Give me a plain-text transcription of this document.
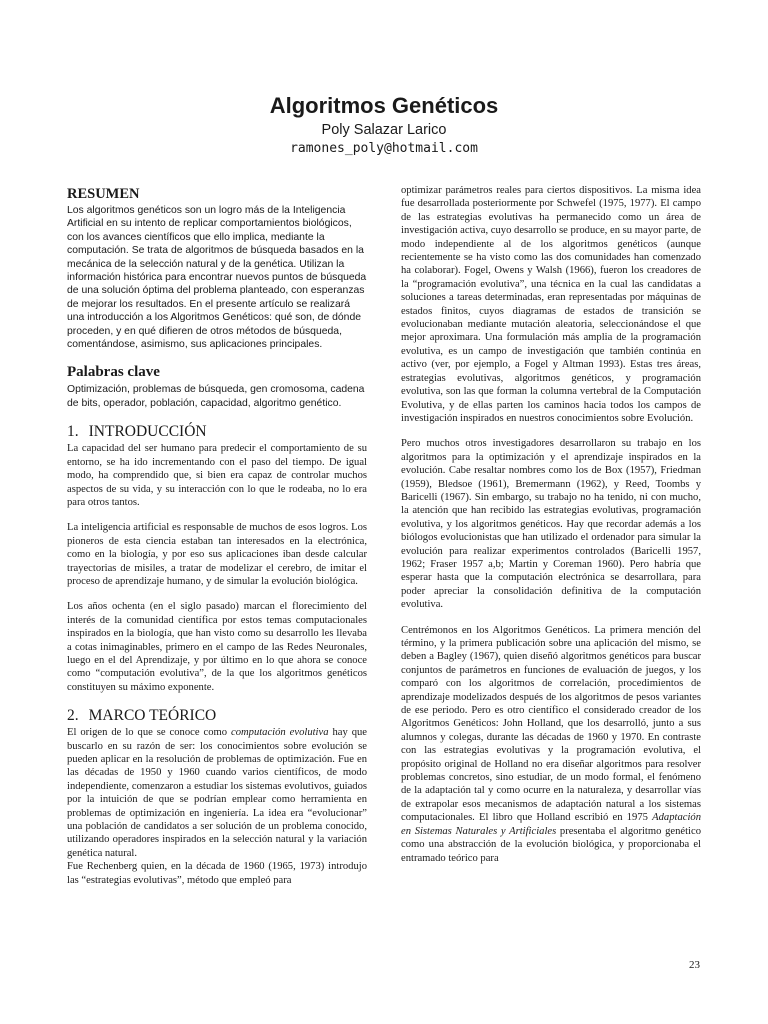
Algoritmos Genéticos
Poly Salazar Larico
ramones_poly@hotmail.com
RESUMEN

Los algoritmos genéticos son un logro más de la Inteligencia Artificial en su intento de replicar comportamientos biológicos, con los avances científicos que ello implica, mediante la computación. Se trata de algoritmos de búsqueda basados en la mecánica de la selección natural y de la genética. Utilizan la información histórica para encontrar nuevos puntos de búsqueda de una solución óptima del problema planteado, con esperanzas de mejorar los resultados. En el presente artículo se realizará una introducción a los Algoritmos Genéticos: qué son, de dónde proceden, y en qué difieren de otros métodos de búsqueda, comentándose, asimismo, sus aplicaciones principales.

Palabras clave

Optimización, problemas de búsqueda, gen cromosoma, cadena de bits, operador, población, capacidad, algoritmo genético.

1. INTRODUCCIÓN

La capacidad del ser humano para predecir el comportamiento de su entorno, se ha ido incrementando con el paso del tiempo. De igual modo, ha comprendido que, si bien era capaz de controlar muchos aspectos de su vida, y su interacción con lo que le rodeaba, no lo era para otros tantos.

La inteligencia artificial es responsable de muchos de esos logros. Los pioneros de esta ciencia estaban tan interesados en la electrónica, como en la biología, y por eso sus aplicaciones iban desde calcular trayectorias de misiles, a tratar de modelizar el cerebro, de imitar el proceso de aprendizaje humano, y de simular la evolución biológica.

Los años ochenta (en el siglo pasado) marcan el florecimiento del interés de la comunidad científica por estos temas computacionales inspirados en la biología, que han visto como su desarrollo les llevaba a cotas inimaginables, primero en el campo de las Redes Neuronales, luego en el del Aprendizaje, y por último en lo que ahora se conoce como “computación evolutiva”, de la que los algoritmos genéticos constituyen su máximo exponente.

2. MARCO TEÓRICO

El origen de lo que se conoce como computación evolutiva hay que buscarlo en su razón de ser: los conocimientos sobre evolución se pueden aplicar en la resolución de problemas de optimización. Fue en las décadas de 1950 y 1960 cuando varios científicos, de modo independiente, comenzaron a estudiar los sistemas evolutivos, guiados por la intuición de que se podrían emplear como herramienta en problemas de optimización en ingeniería. La idea era “evolucionar” una población de candidatos a ser solución de un problema conocido, utilizando operadores inspirados en la selección natural y la variación genética natural.

Fue Rechenberg quien, en la década de 1960 (1965, 1973) introdujo las “estrategias evolutivas”, método que empleó para

optimizar parámetros reales para ciertos dispositivos. La misma idea fue desarrollada posteriormente por Schwefel (1975, 1977). El campo de las estrategias evolutivas ha permanecido como un área de investigación activa, cuyo desarrollo se produce, en su mayor parte, de modo independiente al de los algoritmos genéticos (aunque recientemente se ha visto como las dos comunidades han comenzado ha colaborar). Fogel, Owens y Walsh (1966), fueron los creadores de la “programación evolutiva”, una técnica en la cual las candidatas a soluciones a tareas determinadas, eran representadas por máquinas de estados finitos, cuyos diagramas de estados de transición se evolucionaban mediante mutación aleatoria, seleccionándose el que mejor aproximara. Una formulación más amplia de la programación evolutiva, es un campo de investigación que también continúa en activo (ver, por ejemplo, a Fogel y Altman 1993). Estas tres áreas, estrategias evolutivas, algoritmos genéticos, y programación evolutiva, son las que forman la columna vertebral de la Computación Evolutiva, y de ellas parten los caminos hacia todos los campos de investigación inspirados en nuestros conocimientos sobre Evolución.

Pero muchos otros investigadores desarrollaron su trabajo en los algoritmos para la optimización y el aprendizaje inspirados en la evolución. Cabe resaltar nombres como los de Box (1957), Friedman (1959), Bledsoe (1961), Bremermann (1962), y Reed, Toombs y Baricelli (1967). Sin embargo, su trabajo no ha tenido, ni con mucho, la atención que han recibido las estrategias evolutivas, programación evolutiva, y los algoritmos genéticos. Hay que recordar además a los biólogos evolucionistas que han utilizado el ordenador para simular la evolución para realizar experimentos controlados (Baricelli 1957, 1962; Fraser 1957 a,b; Martin y Coreman 1960). Pero habría que esperar hasta que la computación electrónica se desarrollara, para poder apreciar la consolidación definitiva de la computación evolutiva.

Centrémonos en los Algoritmos Genéticos. La primera mención del término, y la primera publicación sobre una aplicación del mismo, se deben a Bagley (1967), quien diseñó algoritmos genéticos para buscar conjuntos de parámetros en funciones de evaluación de juegos, y los comparó con los algoritmos de correlación, procedimientos de aprendizaje modelizados después de los algoritmos de pesos variantes de ese periodo. Pero es otro científico el considerado creador de los Algoritmos Genéticos: John Holland, que los desarrolló, junto a sus alumnos y colegas, durante las décadas de 1960 y 1970. En contraste con las estrategias evolutivas y la programación evolutiva, el propósito original de Holland no era diseñar algoritmos para resolver problemas concretos, sino estudiar, de un modo formal, el fenómeno de la adaptación tal y como ocurre en la naturaleza, y desarrollar vías de extrapolar esos mecanismos de adaptación natural a los sistemas computacionales. El libro que Holland escribió en 1975 Adaptación en Sistemas Naturales y Artificiales presentaba el algoritmo genético como una abstracción de la evolución biológica, y proporcionaba el entramado teórico para

23
